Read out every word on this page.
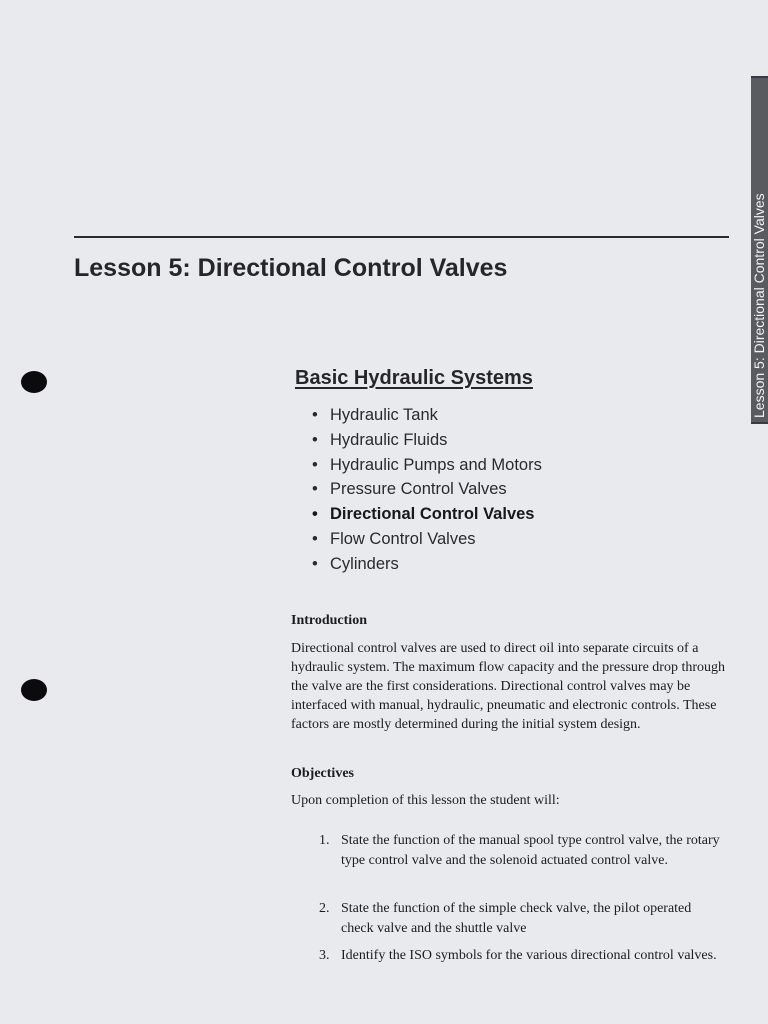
Lesson 5: Directional Control Valves
Lesson 5: Directional Control Valves
Basic Hydraulic Systems
• Hydraulic Tank
• Hydraulic Fluids
• Hydraulic Pumps and Motors
• Pressure Control Valves
• Directional Control Valves
• Flow Control Valves
• Cylinders
Introduction

Directional control valves are used to direct oil into separate circuits of a hydraulic system. The maximum flow capacity and the pressure drop through the valve are the first considerations. Directional control valves may be interfaced with manual, hydraulic, pneumatic and electronic controls. These factors are mostly determined during the initial system design.

Objectives

Upon completion of this lesson the student will:

1. State the function of the manual spool type control valve, the rotary type control valve and the solenoid actuated control valve.
2. State the function of the simple check valve, the pilot operated check valve and the shuttle valve
3. Identify the ISO symbols for the various directional control valves.
